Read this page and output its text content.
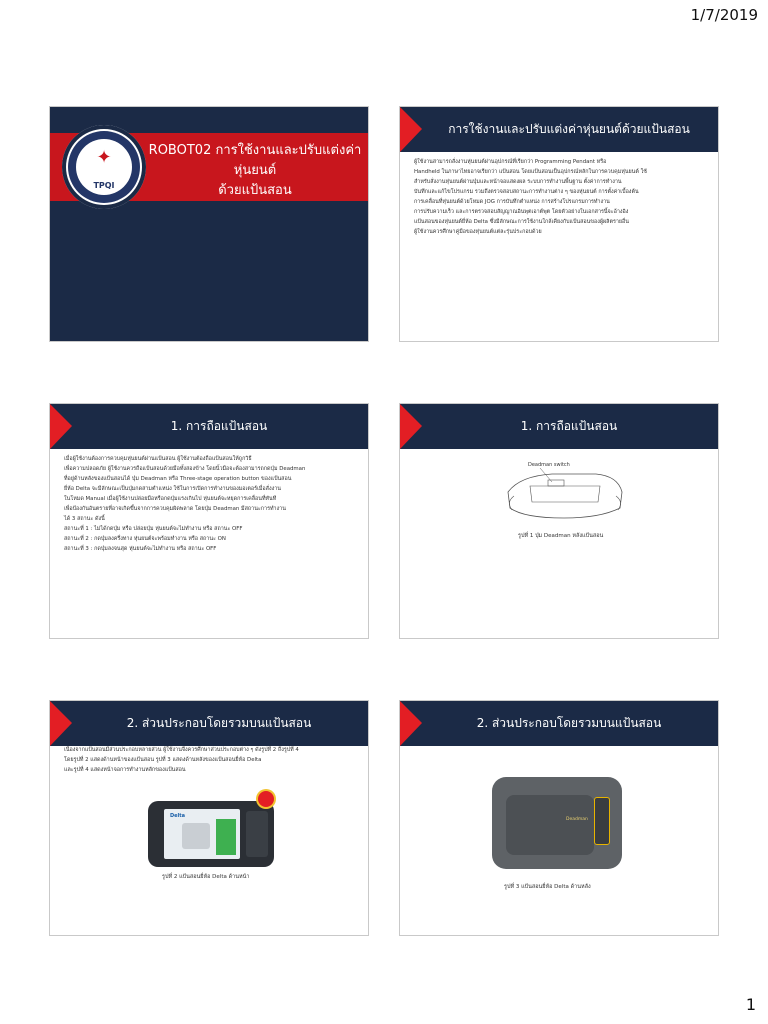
1/7/2019
✦
TPQI
ROBOT02 การใช้งานและปรับแต่งค่าหุ่นยนต์
ด้วยแป้นสอน
การใช้งานและปรับแต่งค่าหุ่นยนต์ด้วยแป้นสอน

ผู้ใช้งานสามารถสั่งงานหุ่นยนต์ผ่านอุปกรณ์ที่เรียกว่า Programming Pendant หรือ

Handheld ในภาษาไทยอาจเรียกว่า แป้นสอน โดยแป้นสอนเป็นอุปกรณ์หลักในการควบคุมหุ่นยนต์ ใช้

สำหรับสั่งงานหุ่นยนต์ผ่านปุ่มและหน้าจอแสดงผล ระบบการทำงานพื้นฐาน ตั้งค่าการทำงาน

บันทึกและแก้ไขโปรแกรม รวมถึงตรวจสอบสถานะการทำงานต่าง ๆ ของหุ่นยนต์ การตั้งค่าเบื้องต้น

การเคลื่อนที่หุ่นยนต์ด้วยโหมด JOG การบันทึกตำแหน่ง การสร้างโปรแกรมการทำงาน

การปรับความเร็ว และการตรวจสอบสัญญาณอินพุตเอาต์พุต โดยตัวอย่างในเอกสารนี้จะอ้างอิง

แป้นสอนของหุ่นยนต์ยี่ห้อ Delta ซึ่งมีลักษณะการใช้งานใกล้เคียงกับแป้นสอนของผู้ผลิตรายอื่น

ผู้ใช้งานควรศึกษาคู่มือของหุ่นยนต์แต่ละรุ่นประกอบด้วย

1. การถือแป้นสอน

เมื่อผู้ใช้งานต้องการควบคุมหุ่นยนต์ผ่านแป้นสอน ผู้ใช้งานต้องถือแป้นสอนให้ถูกวิธี

เพื่อความปลอดภัย ผู้ใช้งานควรถือแป้นสอนด้วยมือทั้งสองข้าง โดยนิ้วมือจะต้องสามารถกดปุ่ม Deadman

ที่อยู่ด้านหลังของแป้นสอนได้ ปุ่ม Deadman หรือ Three-stage operation button ของแป้นสอน

ยี่ห้อ Delta จะมีลักษณะเป็นปุ่มกดสามตำแหน่ง ใช้ในการเปิดการทำงานของมอเตอร์เมื่อสั่งงาน

ในโหมด Manual เมื่อผู้ใช้งานปล่อยมือหรือกดปุ่มแรงเกินไป หุ่นยนต์จะหยุดการเคลื่อนที่ทันที

เพื่อป้องกันอันตรายที่อาจเกิดขึ้นจากการควบคุมผิดพลาด โดยปุ่ม Deadman มีสถานะการทำงาน

ได้ 3 สถานะ ดังนี้

สถานะที่ 1 : ไม่ได้กดปุ่ม หรือ ปล่อยปุ่ม หุ่นยนต์จะไม่ทำงาน หรือ สถานะ OFF

สถานะที่ 2 : กดปุ่มลงครึ่งทาง หุ่นยนต์จะพร้อมทำงาน หรือ สถานะ ON

สถานะที่ 3 : กดปุ่มลงจนสุด หุ่นยนต์จะไม่ทำงาน หรือ สถานะ OFF

1. การถือแป้นสอน
Deadman switch
รูปที่ 1 ปุ่ม Deadman หลังแป้นสอน
2. ส่วนประกอบโดยรวมบนแป้นสอน

เนื่องจากแป้นสอนมีส่วนประกอบหลายส่วน ผู้ใช้งานจึงควรศึกษาส่วนประกอบต่าง ๆ ดังรูปที่ 2 ถึงรูปที่ 4

โดยรูปที่ 2 แสดงด้านหน้าของแป้นสอน รูปที่ 3 แสดงด้านหลังของแป้นสอนยี่ห้อ Delta

และรูปที่ 4 แสดงหน้าจอการทำงานหลักของแป้นสอน

Delta
รูปที่ 2 แป้นสอนยี่ห้อ Delta ด้านหน้า
2. ส่วนประกอบโดยรวมบนแป้นสอน
Deadman
รูปที่ 3 แป้นสอนยี่ห้อ Delta ด้านหลัง
1
